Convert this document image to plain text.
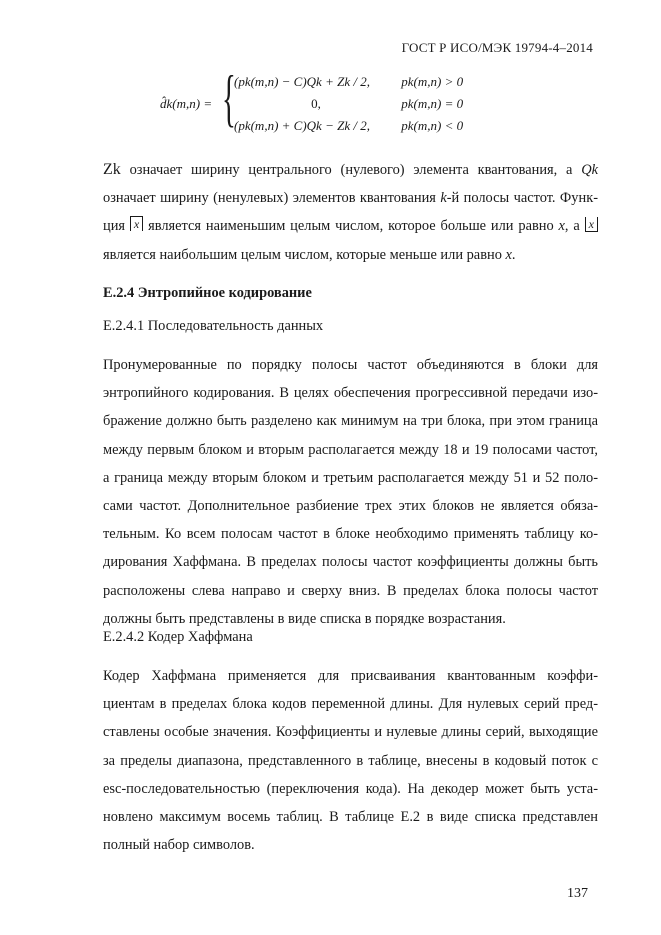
ГОСТ Р ИСО/МЭК 19794-4–2014
d̂k(m,n) = {
(pk(m,n) − C)Qk + Zk / 2, pk(m,n) > 0
0,	pk(m,n) = 0
(pk(m,n) + C)Qk − Zk / 2, pk(m,n) < 0
Zk означает ширину центрального (нулевого) элемента квантования, а Qk
означает ширину (ненулевых) элементов квантования k-й полосы частот. Функ-
ция x является наименьшим целым числом, которое больше или равно x, а x
является наибольшим целым числом, которые меньше или равно x.
Е.2.4 Энтропийное кодирование
Е.2.4.1 Последовательность данных
Пронумерованные по порядку полосы частот объединяются в блоки для
энтропийного кодирования. В целях обеспечения прогрессивной передачи изо-
бражение должно быть разделено как минимум на три блока, при этом граница
между первым блоком и вторым располагается между 18 и 19 полосами частот,
а граница между вторым блоком и третьим располагается между 51 и 52 поло-
сами частот. Дополнительное разбиение трех этих блоков не является обяза-
тельным. Ко всем полосам частот в блоке необходимо применять таблицу ко-
дирования Хаффмана. В пределах полосы частот коэффициенты должны быть
расположены слева направо и сверху вниз. В пределах блока полосы частот
должны быть представлены в виде списка в порядке возрастания.
Е.2.4.2 Кодер Хаффмана
Кодер Хаффмана применяется для присваивания квантованным коэффи-
циентам в пределах блока кодов переменной длины. Для нулевых серий пред-
ставлены особые значения. Коэффициенты и нулевые длины серий, выходящие
за пределы диапазона, представленного в таблице, внесены в кодовый поток с
esc-последовательностью (переключения кода). На декодер может быть уста-
новлено максимум восемь таблиц. В таблице Е.2 в виде списка представлен
полный набор символов.
137
